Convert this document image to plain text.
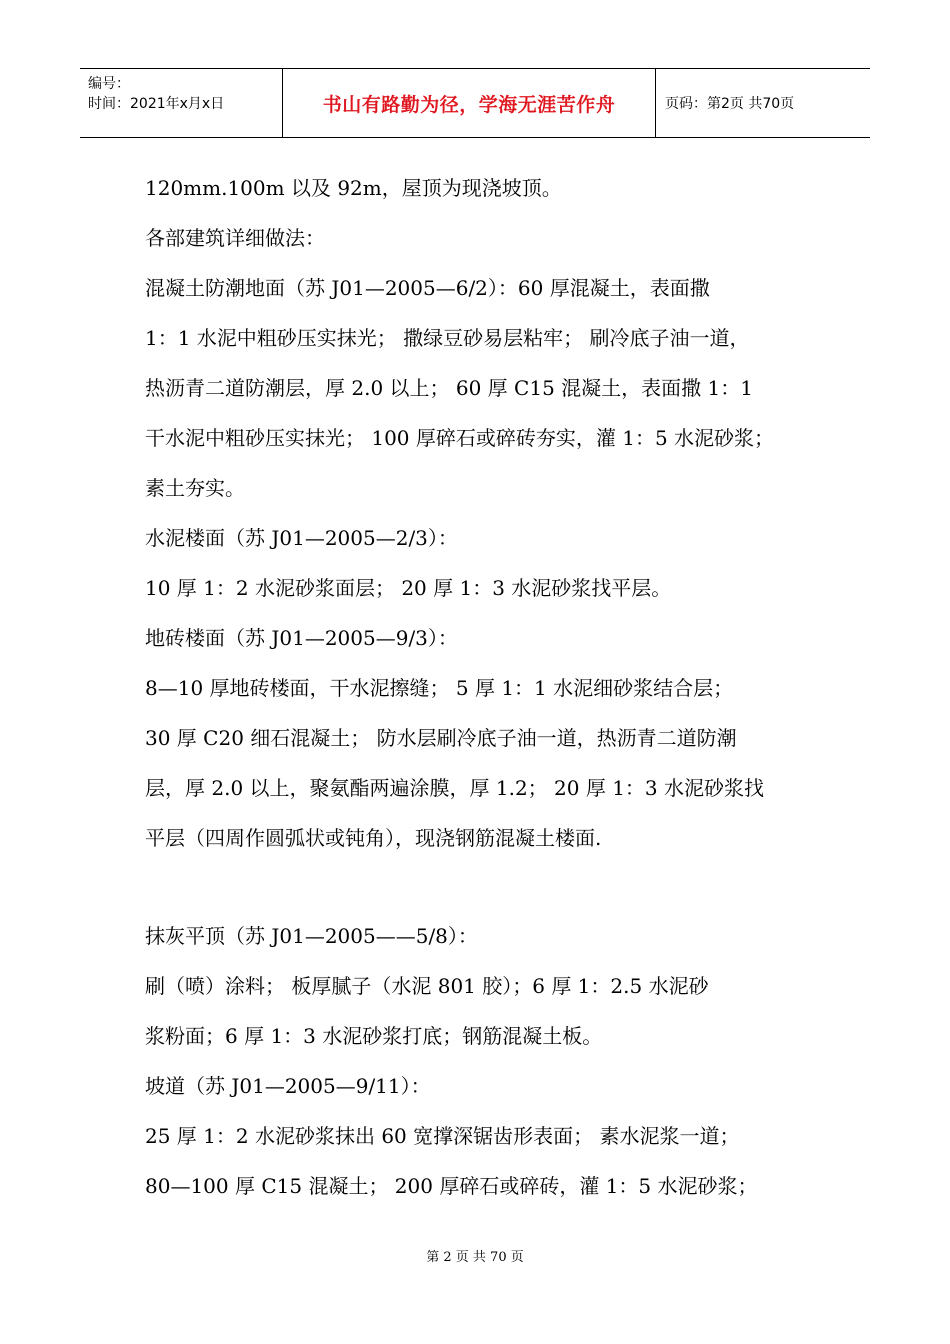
编号：
时间：2021年x月x日	书山有路勤为径，学海无涯苦作舟	页码：第2页 共70页
120mm.100m 以及 92m，屋顶为现浇坡顶。
各部建筑详细做法：
混凝土防潮地面（苏 J01—2005—6/2）：60 厚混凝土，表面撒
1：1 水泥中粗砂压实抹光； 撒绿豆砂易层粘牢； 刷冷底子油一道，
热沥青二道防潮层，厚 2.0 以上； 60 厚 C15 混凝土，表面撒 1：1
干水泥中粗砂压实抹光； 100 厚碎石或碎砖夯实，灌 1：5 水泥砂浆；
素土夯实。
水泥楼面（苏 J01—2005—2/3）：
10 厚 1：2 水泥砂浆面层； 20 厚 1：3 水泥砂浆找平层。
地砖楼面（苏 J01—2005—9/3）：
8—10 厚地砖楼面，干水泥擦缝； 5 厚 1：1 水泥细砂浆结合层；
30 厚 C20 细石混凝土； 防水层刷冷底子油一道，热沥青二道防潮
层，厚 2.0 以上，聚氨酯两遍涂膜，厚 1.2； 20 厚 1：3 水泥砂浆找
平层（四周作圆弧状或钝角），现浇钢筋混凝土楼面.
抹灰平顶（苏 J01—2005——5/8）：
刷（喷）涂料； 板厚腻子（水泥 801 胶）；6 厚 1：2.5 水泥砂
浆粉面；6 厚 1：3 水泥砂浆打底；钢筋混凝土板。
坡道（苏 J01—2005—9/11）：
25 厚 1：2 水泥砂浆抹出 60 宽撑深锯齿形表面； 素水泥浆一道；
80—100 厚 C15 混凝土； 200 厚碎石或碎砖，灌 1：5 水泥砂浆；
第 2 页 共 70 页
